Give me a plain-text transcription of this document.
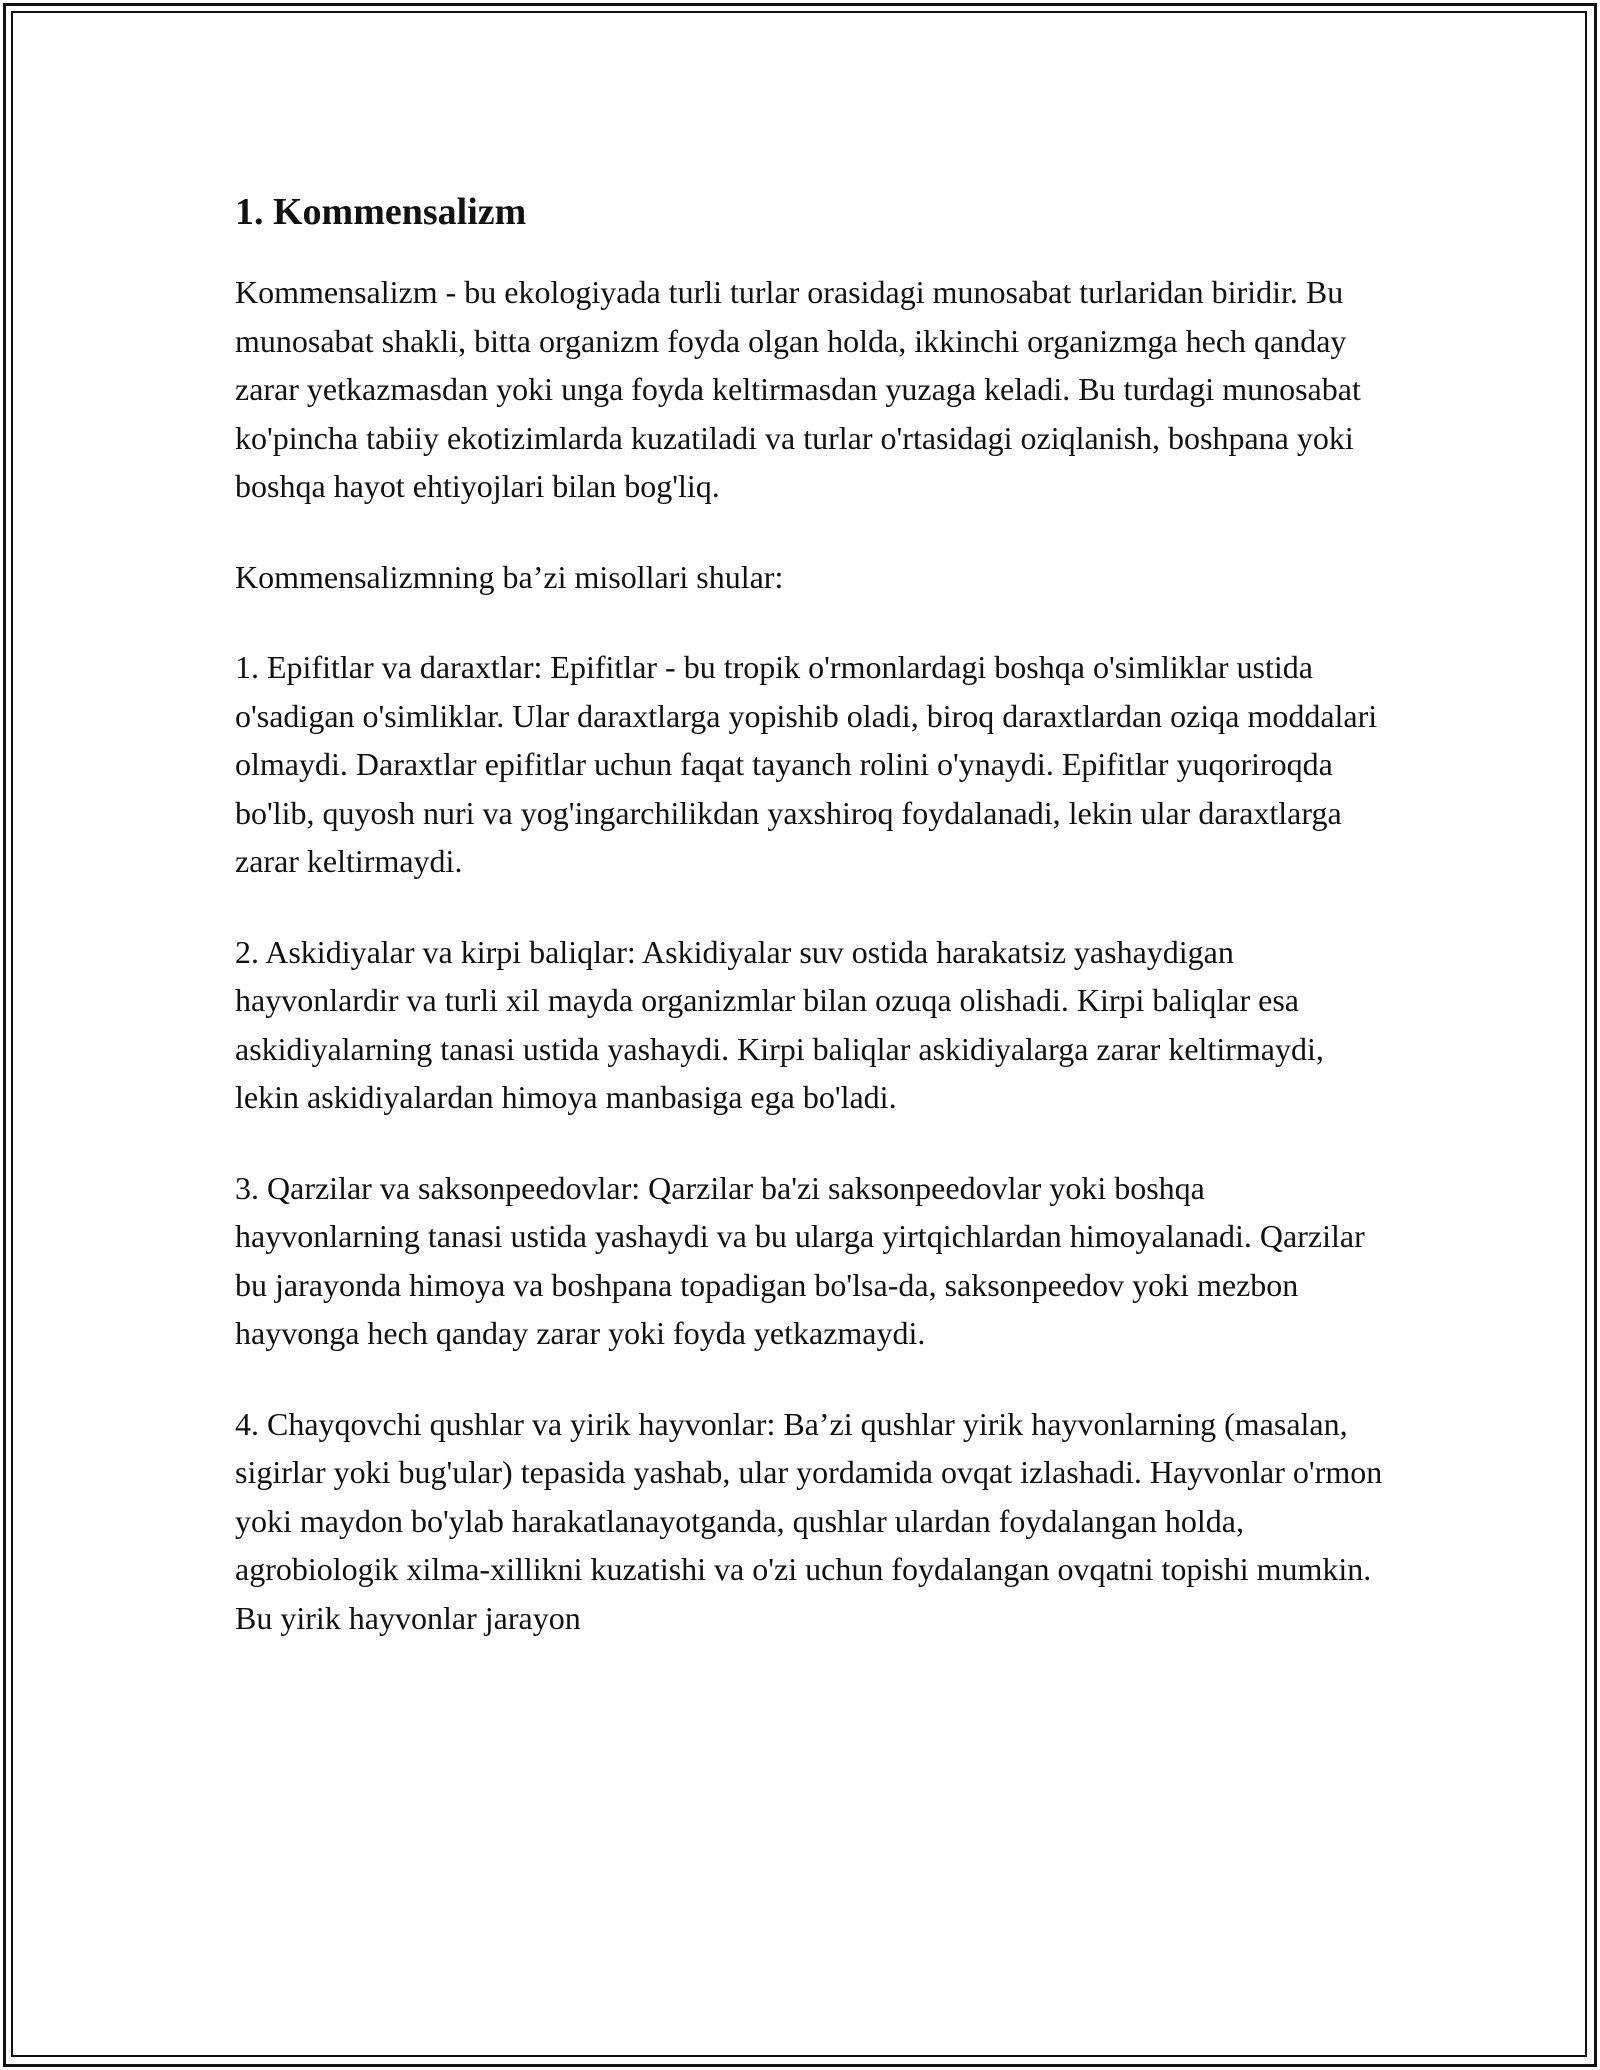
1. Kommensalizm

Kommensalizm - bu ekologiyada turli turlar orasidagi munosabat turlaridan biridir. Bu munosabat shakli, bitta organizm foyda olgan holda, ikkinchi organizmga hech qanday zarar yetkazmasdan yoki unga foyda keltirmasdan yuzaga keladi. Bu turdagi munosabat ko'pincha tabiiy ekotizimlarda kuzatiladi va turlar o'rtasidagi oziqlanish, boshpana yoki boshqa hayot ehtiyojlari bilan bog'liq.

Kommensalizmning ba’zi misollari shular:

1. Epifitlar va daraxtlar: Epifitlar - bu tropik o'rmonlardagi boshqa o'simliklar ustida o'sadigan o'simliklar. Ular daraxtlarga yopishib oladi, biroq daraxtlardan oziqa moddalari olmaydi. Daraxtlar epifitlar uchun faqat tayanch rolini o'ynaydi. Epifitlar yuqoriroqda bo'lib, quyosh nuri va yog'ingarchilikdan yaxshiroq foydalanadi, lekin ular daraxtlarga zarar keltirmaydi.

2. Askidiyalar va kirpi baliqlar: Askidiyalar suv ostida harakatsiz yashaydigan hayvonlardir va turli xil mayda organizmlar bilan ozuqa olishadi. Kirpi baliqlar esa askidiyalarning tanasi ustida yashaydi. Kirpi baliqlar askidiyalarga zarar keltirmaydi, lekin askidiyalardan himoya manbasiga ega bo'ladi.

3. Qarzilar va saksonpeedovlar: Qarzilar ba'zi saksonpeedovlar yoki boshqa hayvonlarning tanasi ustida yashaydi va bu ularga yirtqichlardan himoyalanadi. Qarzilar bu jarayonda himoya va boshpana topadigan bo'lsa-da, saksonpeedov yoki mezbon hayvonga hech qanday zarar yoki foyda yetkazmaydi.

4. Chayqovchi qushlar va yirik hayvonlar: Ba’zi qushlar yirik hayvonlarning (masalan, sigirlar yoki bug'ular) tepasida yashab, ular yordamida ovqat izlashadi. Hayvonlar o'rmon yoki maydon bo'ylab harakatlanayotganda, qushlar ulardan foydalangan holda, agrobiologik xilma-xillikni kuzatishi va o'zi uchun foydalangan ovqatni topishi mumkin. Bu yirik hayvonlar jarayon
